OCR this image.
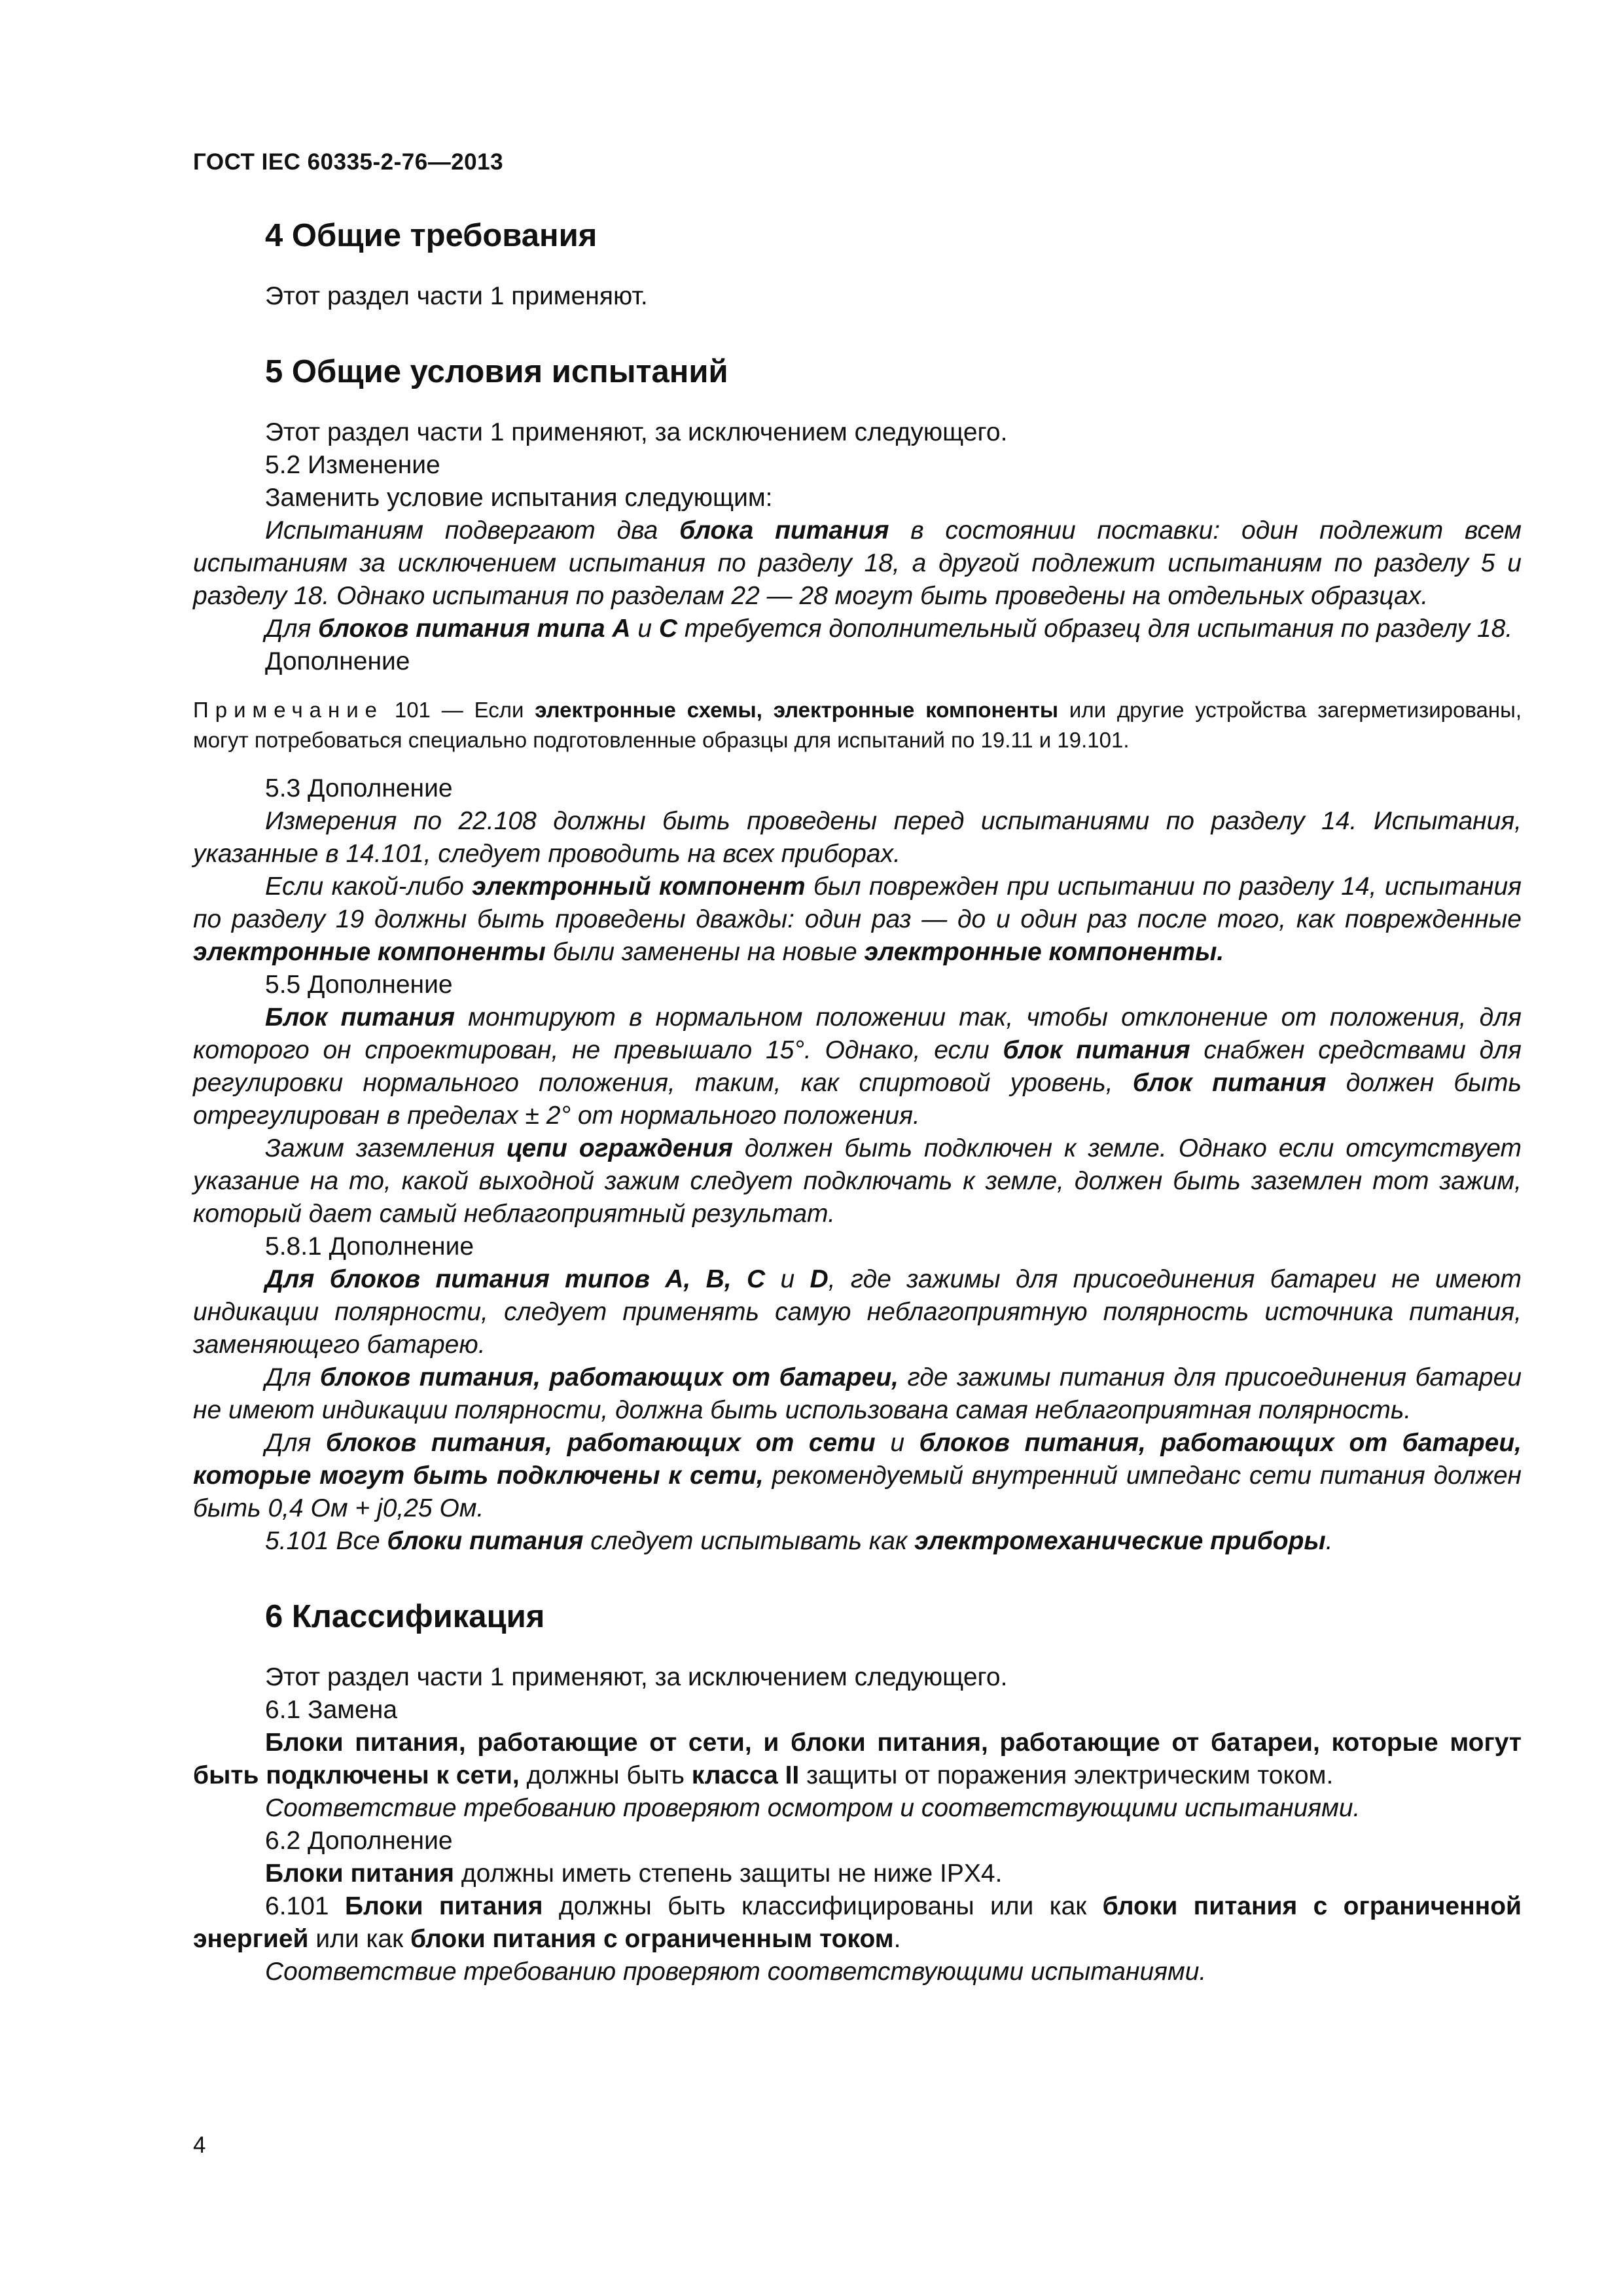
ГОСТ IEC 60335-2-76—2013
4 Общие требования

Этот раздел части 1 применяют.

5 Общие условия испытаний

Этот раздел части 1 применяют, за исключением следующего.

5.2 Изменение

Заменить условие испытания следующим:

Испытаниям подвергают два блока питания в состоянии поставки: один подлежит всем испытаниям за исключением испытания по разделу 18, а другой подлежит испытаниям по разделу 5 и разделу 18. Однако испытания по разделам 22 — 28 могут быть проведены на отдельных образцах.

Для блоков питания типа А и С требуется дополнительный образец для испытания по разделу 18.

Дополнение

Примечание 101 — Если электронные схемы, электронные компоненты или другие устройства загерметизированы, могут потребоваться специально подготовленные образцы для испытаний по 19.11 и 19.101.

5.3 Дополнение

Измерения по 22.108 должны быть проведены перед испытаниями по разделу 14. Испытания, указанные в 14.101, следует проводить на всех приборах.

Если какой-либо электронный компонент был поврежден при испытании по разделу 14, испытания по разделу 19 должны быть проведены дважды: один раз — до и один раз после того, как поврежденные электронные компоненты были заменены на новые электронные компоненты.

5.5 Дополнение

Блок питания монтируют в нормальном положении так, чтобы отклонение от положения, для которого он спроектирован, не превышало 15°. Однако, если блок питания снабжен средствами для регулировки нормального положения, таким, как спиртовой уровень, блок питания должен быть отрегулирован в пределах ± 2° от нормального положения.

Зажим заземления цепи ограждения должен быть подключен к земле. Однако если отсутствует указание на то, какой выходной зажим следует подключать к земле, должен быть заземлен тот зажим, который дает самый неблагоприятный результат.

5.8.1 Дополнение

Для блоков питания типов А, В, С и D, где зажимы для присоединения батареи не имеют индикации полярности, следует применять самую неблагоприятную полярность источника питания, заменяющего батарею.

Для блоков питания, работающих от батареи, где зажимы питания для присоединения батареи не имеют индикации полярности, должна быть использована самая неблагоприятная полярность.

Для блоков питания, работающих от сети и блоков питания, работающих от батареи, которые могут быть подключены к сети, рекомендуемый внутренний импеданс сети питания должен быть 0,4 Ом + j0,25 Ом.

5.101 Все блоки питания следует испытывать как электромеханические приборы.

6 Классификация

Этот раздел части 1 применяют, за исключением следующего.

6.1 Замена

Блоки питания, работающие от сети, и блоки питания, работающие от батареи, которые могут быть подключены к сети, должны быть класса II защиты от поражения электрическим током.

Соответствие требованию проверяют осмотром и соответствующими испытаниями.

6.2 Дополнение

Блоки питания должны иметь степень защиты не ниже IPX4.

6.101 Блоки питания должны быть классифицированы или как блоки питания с ограниченной энергией или как блоки питания с ограниченным током.

Соответствие требованию проверяют соответствующими испытаниями.

4
